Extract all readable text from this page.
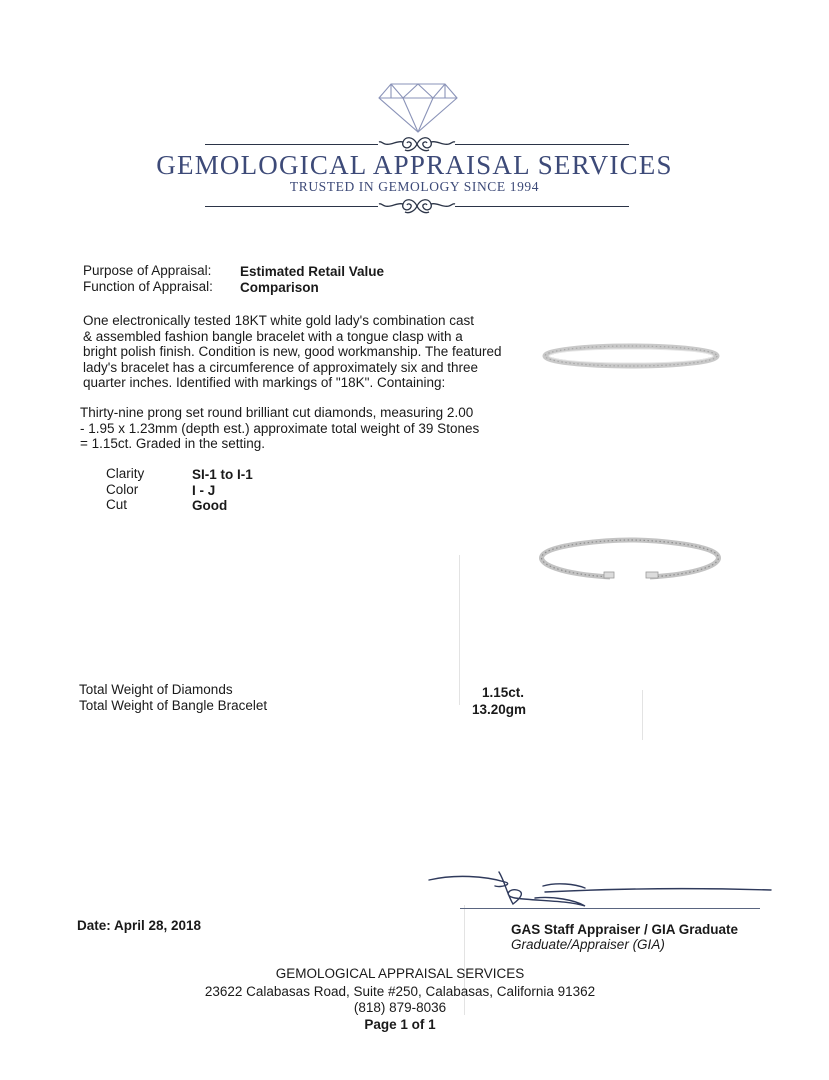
GEMOLOGICAL APPRAISAL SERVICES
TRUSTED IN GEMOLOGY SINCE 1994
Purpose of Appraisal: Estimated Retail Value
Function of Appraisal: Comparison
One electronically tested 18KT white gold lady's combination cast
& assembled fashion bangle bracelet with a tongue clasp with a
bright polish finish. Condition is new, good workmanship. The featured
lady's bracelet has a circumference of approximately six and three
quarter inches. Identified with markings of "18K". Containing:
Thirty-nine prong set round brilliant cut diamonds, measuring 2.00
- 1.95 x 1.23mm (depth est.) approximate total weight of 39 Stones
= 1.15ct. Graded in the setting.
Clarity	SI-1 to I-1
Color	I - J
Cut	Good
Total Weight of Diamonds	1.15ct.
Total Weight of Bangle Bracelet	13.20gm
Date: April 28, 2018	GAS Staff Appraiser / GIA Graduate
Graduate/Appraiser (GIA)
GEMOLOGICAL APPRAISAL SERVICES
23622 Calabasas Road, Suite #250, Calabasas, California 91362
(818) 879-8036
Page 1 of 1
